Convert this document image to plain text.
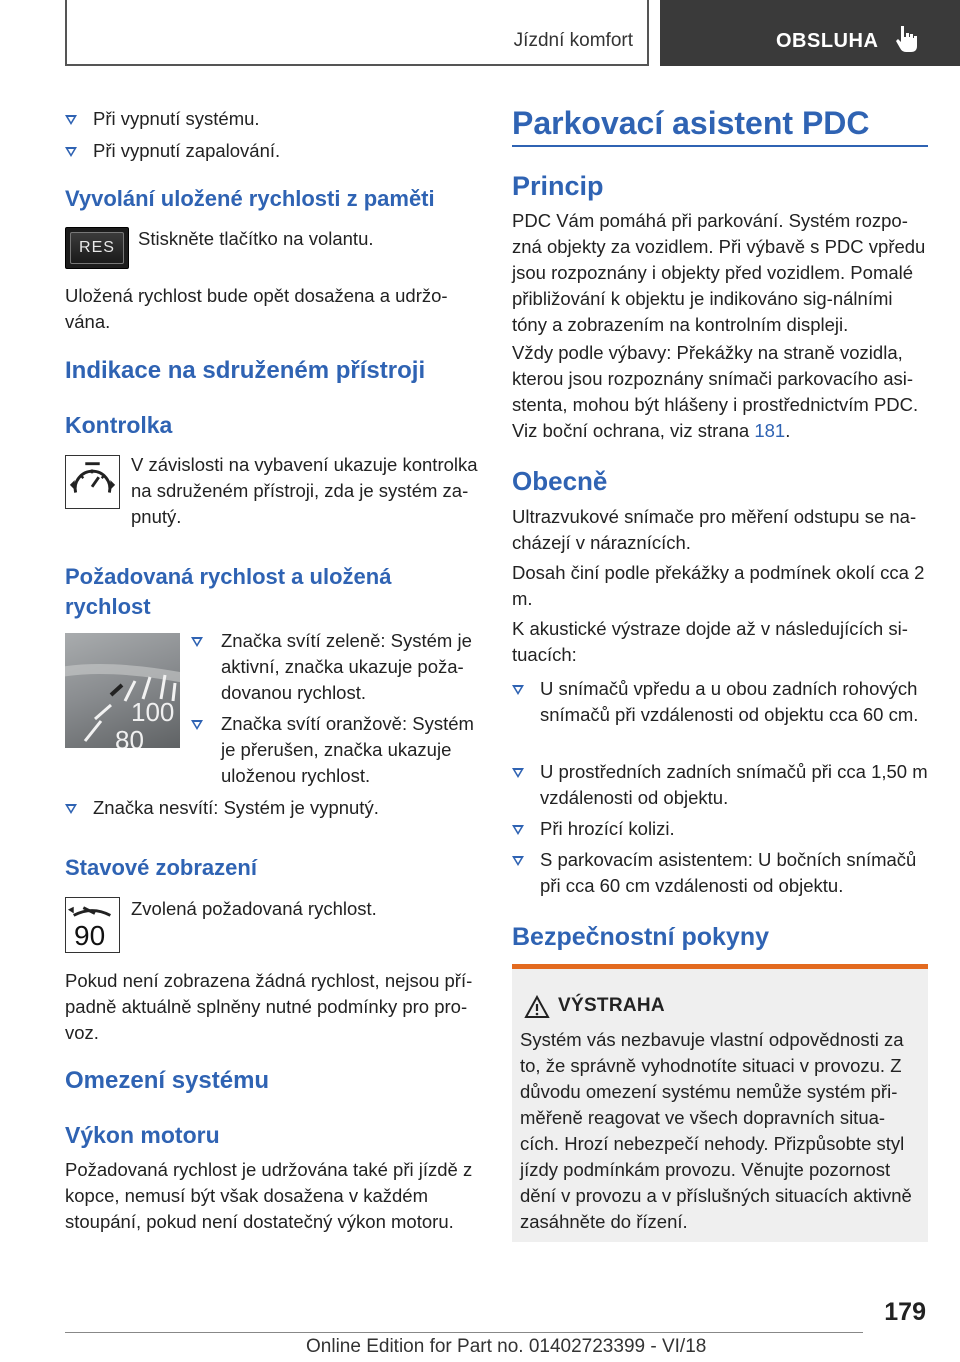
Jízdní komfort	OBSLUHA

Při vypnutí systému.

Při vypnutí zapalování.

Vyvolání uložené rychlosti z paměti
RES	Stiskněte tlačítko na volantu.

Uložená rychlost bude opět dosažena a udržo-vána.

Indikace na sdruženém přístroji
Kontrolka

V závislosti na vybavení ukazuje kontrolka na sdruženém přístroji, zda je systém za-pnutý.

Požadovaná rychlost a uložená rychlost
100
80

Značka svítí zeleně: Systém je aktivní, značka ukazuje poža-dovanou rychlost.

Značka svítí oranžově: Systém je přerušen, značka ukazuje uloženou rychlost.

Značka nesvítí: Systém je vypnutý.

Stavové zobrazení
90

Zvolená požadovaná rychlost.

Pokud není zobrazena žádná rychlost, nejsou pří-padně aktuálně splněny nutné podmínky pro pro-voz.

Omezení systému
Výkon motoru

Požadovaná rychlost je udržována také při jízdě z kopce, nemusí být však dosažena v každém stoupání, pokud není dostatečný výkon motoru.

Parkovací asistent PDC
Princip

PDC Vám pomáhá při parkování. Systém rozpo-zná objekty za vozidlem. Při výbavě s PDC vpředu jsou rozpoznány i objekty před vozidlem. Pomalé přibližování k objektu je indikováno sig-nálními tóny a zobrazením na kontrolním displeji.

Vždy podle výbavy: Překážky na straně vozidla, kterou jsou rozpoznány snímači parkovacího asi-stenta, mohou být hlášeny i prostřednictvím PDC. Viz boční ochrana, viz strana 181.

Obecně

Ultrazvukové snímače pro měření odstupu se na-cházejí v náraznících.

Dosah činí podle překážky a podmínek okolí cca 2 m.

K akustické výstraze dojde až v následujících si-tuacích:

U snímačů vpředu a u obou zadních rohových snímačů při vzdálenosti od objektu cca 60 cm.

U prostředních zadních snímačů při cca 1,50 m vzdálenosti od objektu.

Při hrozící kolizi.

S parkovacím asistentem: U bočních snímačů při cca 60 cm vzdálenosti od objektu.

Bezpečnostní pokyny
VÝSTRAHA

Systém vás nezbavuje vlastní odpovědnosti za to, že správně vyhodnotíte situaci v provozu. Z důvodu omezení systému nemůže systém při-měřeně reagovat ve všech dopravních situa-cích. Hrozí nebezpečí nehody. Přizpůsobte styl jízdy podmínkám provozu. Věnujte pozornost dění v provozu a v příslušných situacích aktivně zasáhněte do řízení.

179
Online Edition for Part no. 01402723399 - VI/18
